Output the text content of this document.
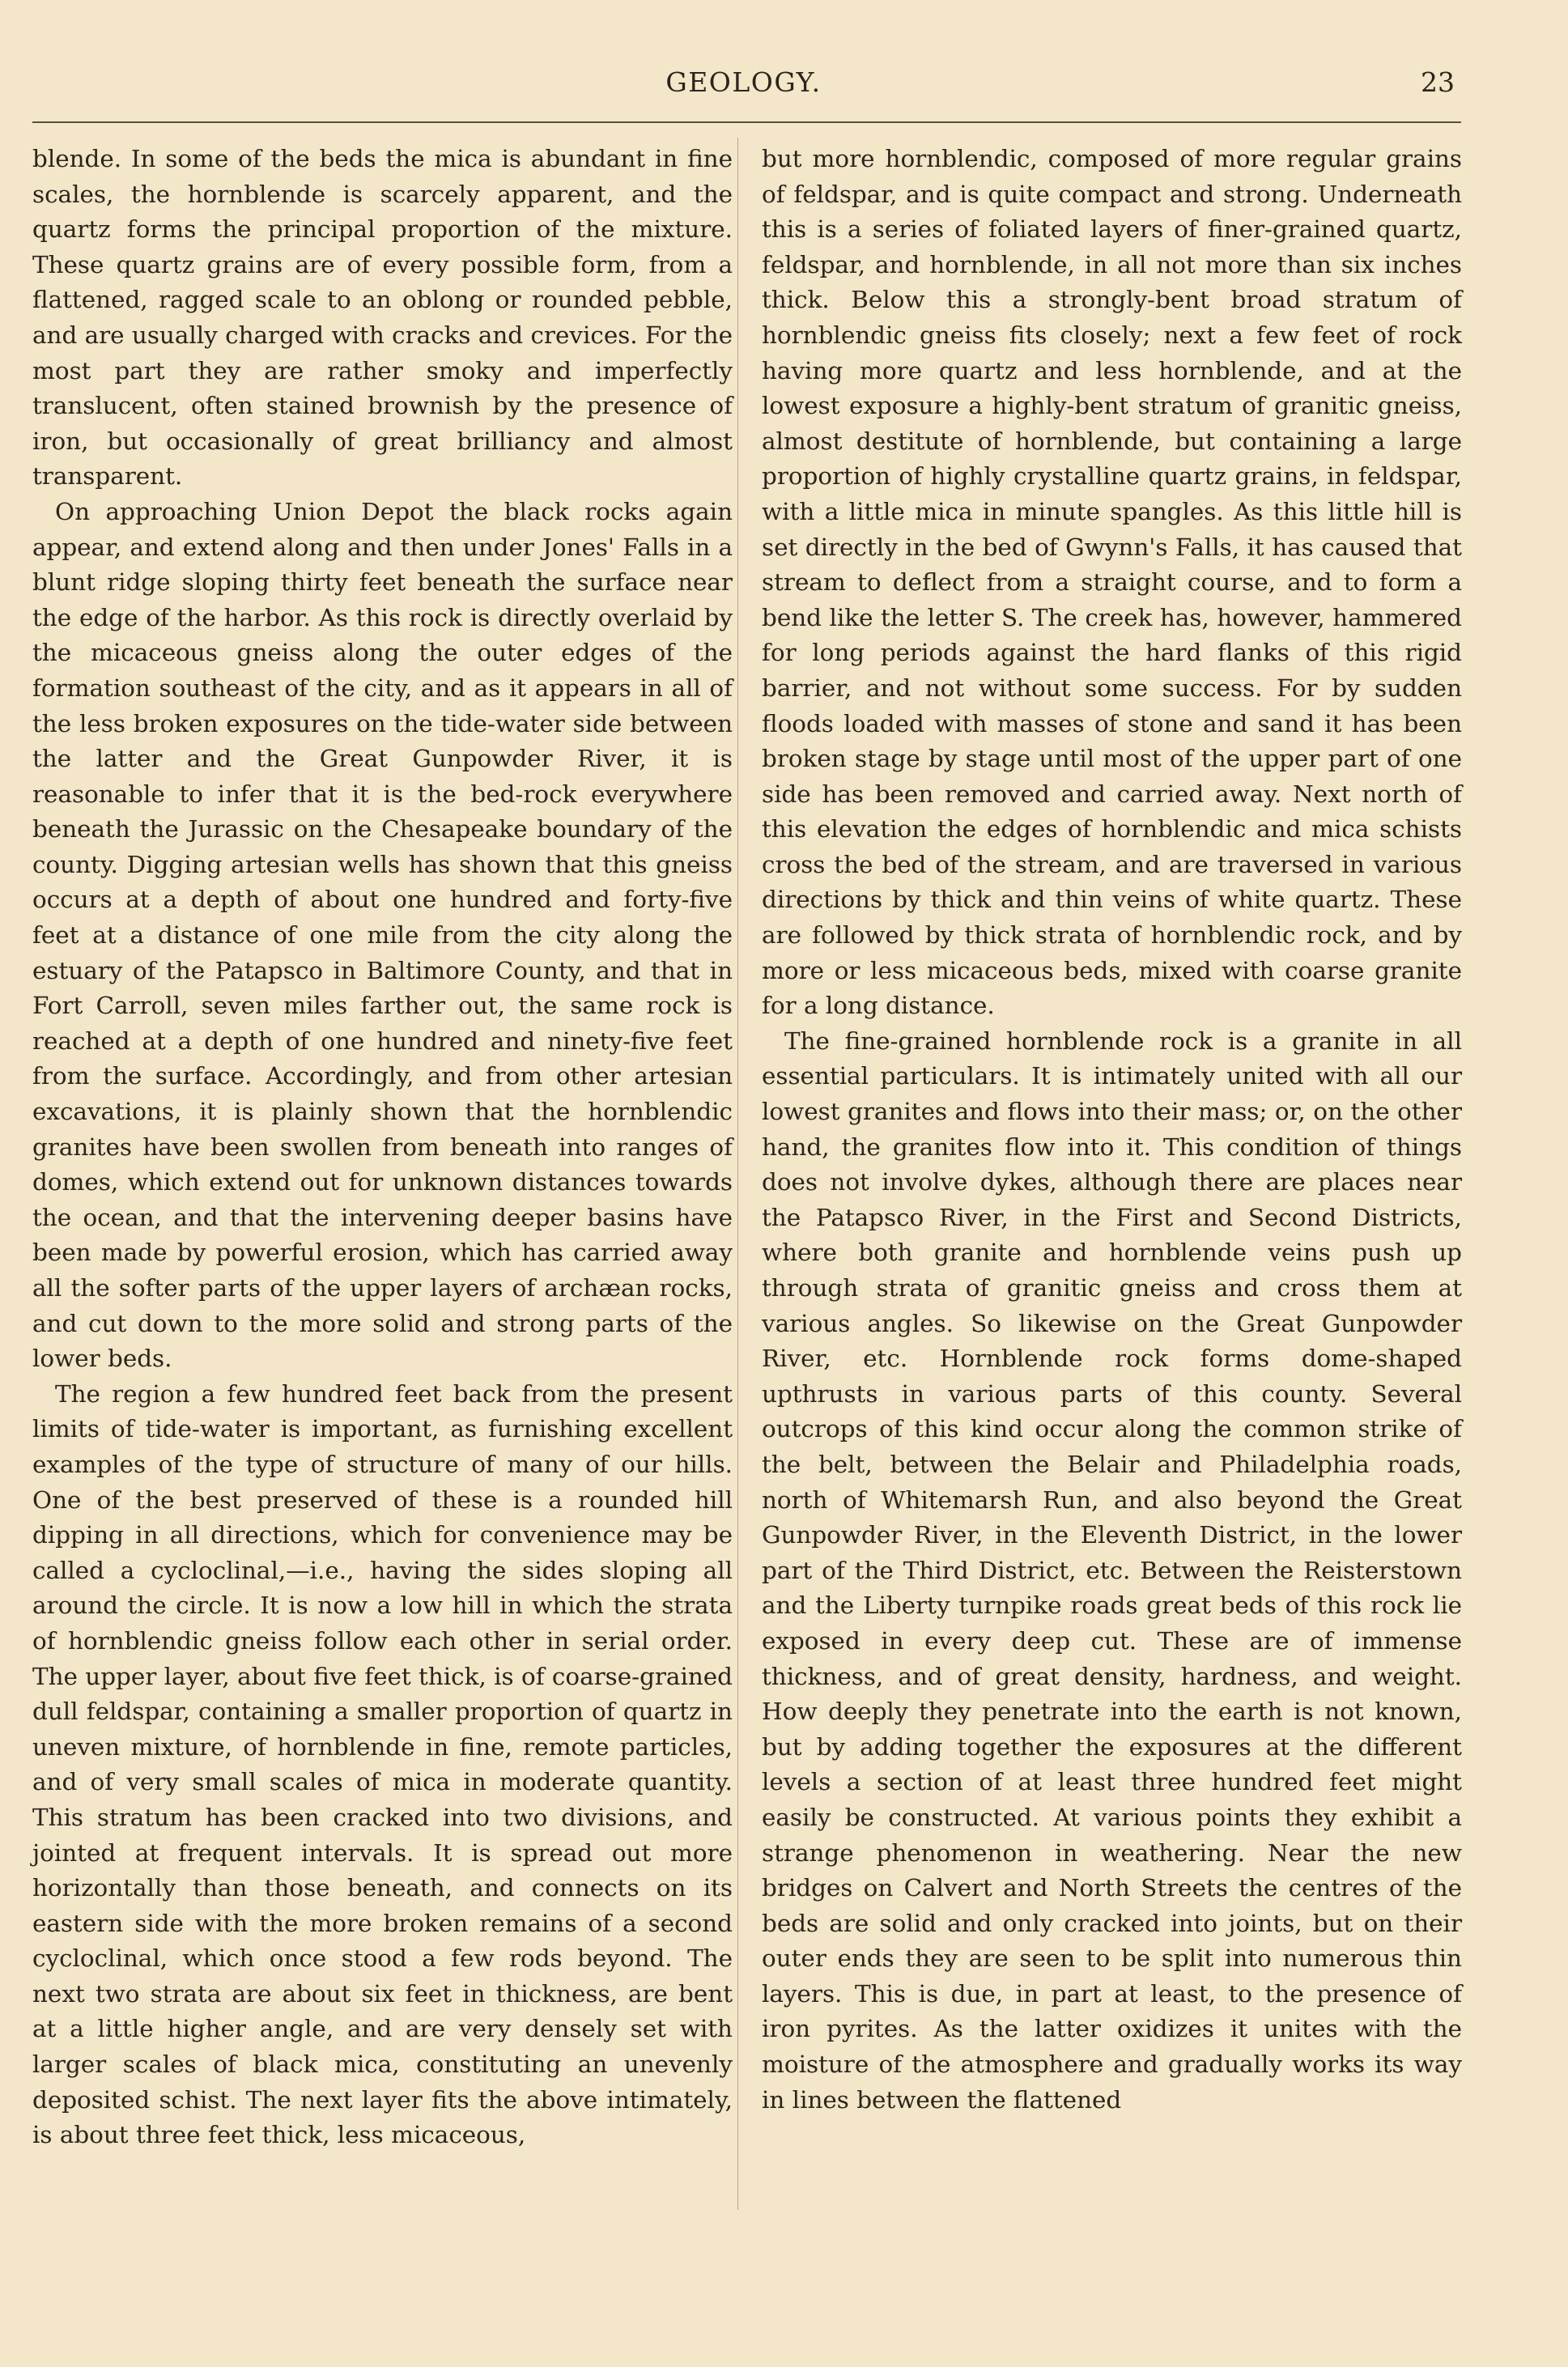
GEOLOGY.	23

blende. In some of the beds the mica is abundant in fine scales, the hornblende is scarcely apparent, and the quartz forms the principal proportion of the mixture. These quartz grains are of every possible form, from a flattened, ragged scale to an oblong or rounded pebble, and are usually charged with cracks and crevices. For the most part they are rather smoky and imperfectly translucent, often stained brownish by the presence of iron, but occasionally of great brilliancy and almost transparent.

On approaching Union Depot the black rocks again appear, and extend along and then under Jones' Falls in a blunt ridge sloping thirty feet beneath the surface near the edge of the harbor. As this rock is directly overlaid by the micaceous gneiss along the outer edges of the formation southeast of the city, and as it appears in all of the less broken exposures on the tide-water side between the latter and the Great Gunpowder River, it is reasonable to infer that it is the bed-rock everywhere beneath the Jurassic on the Chesapeake boundary of the county. Digging artesian wells has shown that this gneiss occurs at a depth of about one hundred and forty-five feet at a distance of one mile from the city along the estuary of the Patapsco in Baltimore County, and that in Fort Carroll, seven miles farther out, the same rock is reached at a depth of one hundred and ninety-five feet from the surface. Accordingly, and from other artesian excavations, it is plainly shown that the hornblendic granites have been swollen from beneath into ranges of domes, which extend out for unknown distances towards the ocean, and that the intervening deeper basins have been made by powerful erosion, which has carried away all the softer parts of the upper layers of archæan rocks, and cut down to the more solid and strong parts of the lower beds.

The region a few hundred feet back from the present limits of tide-water is important, as furnishing excellent examples of the type of structure of many of our hills. One of the best preserved of these is a rounded hill dipping in all directions, which for convenience may be called a cycloclinal,—i.e., having the sides sloping all around the circle. It is now a low hill in which the strata of hornblendic gneiss follow each other in serial order. The upper layer, about five feet thick, is of coarse-grained dull feldspar, containing a smaller proportion of quartz in uneven mixture, of hornblende in fine, remote particles, and of very small scales of mica in moderate quantity. This stratum has been cracked into two divisions, and jointed at frequent intervals. It is spread out more horizontally than those beneath, and connects on its eastern side with the more broken remains of a second cycloclinal, which once stood a few rods beyond. The next two strata are about six feet in thickness, are bent at a little higher angle, and are very densely set with larger scales of black mica, constituting an unevenly deposited schist. The next layer fits the above intimately, is about three feet thick, less micaceous,

but more hornblendic, composed of more regular grains of feldspar, and is quite compact and strong. Underneath this is a series of foliated layers of finer-grained quartz, feldspar, and hornblende, in all not more than six inches thick. Below this a strongly-bent broad stratum of hornblendic gneiss fits closely; next a few feet of rock having more quartz and less hornblende, and at the lowest exposure a highly-bent stratum of granitic gneiss, almost destitute of hornblende, but containing a large proportion of highly crystalline quartz grains, in feldspar, with a little mica in minute spangles. As this little hill is set directly in the bed of Gwynn's Falls, it has caused that stream to deflect from a straight course, and to form a bend like the letter S. The creek has, however, hammered for long periods against the hard flanks of this rigid barrier, and not without some success. For by sudden floods loaded with masses of stone and sand it has been broken stage by stage until most of the upper part of one side has been removed and carried away. Next north of this elevation the edges of hornblendic and mica schists cross the bed of the stream, and are traversed in various directions by thick and thin veins of white quartz. These are followed by thick strata of hornblendic rock, and by more or less micaceous beds, mixed with coarse granite for a long distance.

The fine-grained hornblende rock is a granite in all essential particulars. It is intimately united with all our lowest granites and flows into their mass; or, on the other hand, the granites flow into it. This condition of things does not involve dykes, although there are places near the Patapsco River, in the First and Second Districts, where both granite and hornblende veins push up through strata of granitic gneiss and cross them at various angles. So likewise on the Great Gunpowder River, etc. Hornblende rock forms dome-shaped upthrusts in various parts of this county. Several outcrops of this kind occur along the common strike of the belt, between the Belair and Philadelphia roads, north of Whitemarsh Run, and also beyond the Great Gunpowder River, in the Eleventh District, in the lower part of the Third District, etc. Between the Reisterstown and the Liberty turnpike roads great beds of this rock lie exposed in every deep cut. These are of immense thickness, and of great density, hardness, and weight. How deeply they penetrate into the earth is not known, but by adding together the exposures at the different levels a section of at least three hundred feet might easily be constructed. At various points they exhibit a strange phenomenon in weathering. Near the new bridges on Calvert and North Streets the centres of the beds are solid and only cracked into joints, but on their outer ends they are seen to be split into numerous thin layers. This is due, in part at least, to the presence of iron pyrites. As the latter oxidizes it unites with the moisture of the atmosphere and gradually works its way in lines between the flattened
